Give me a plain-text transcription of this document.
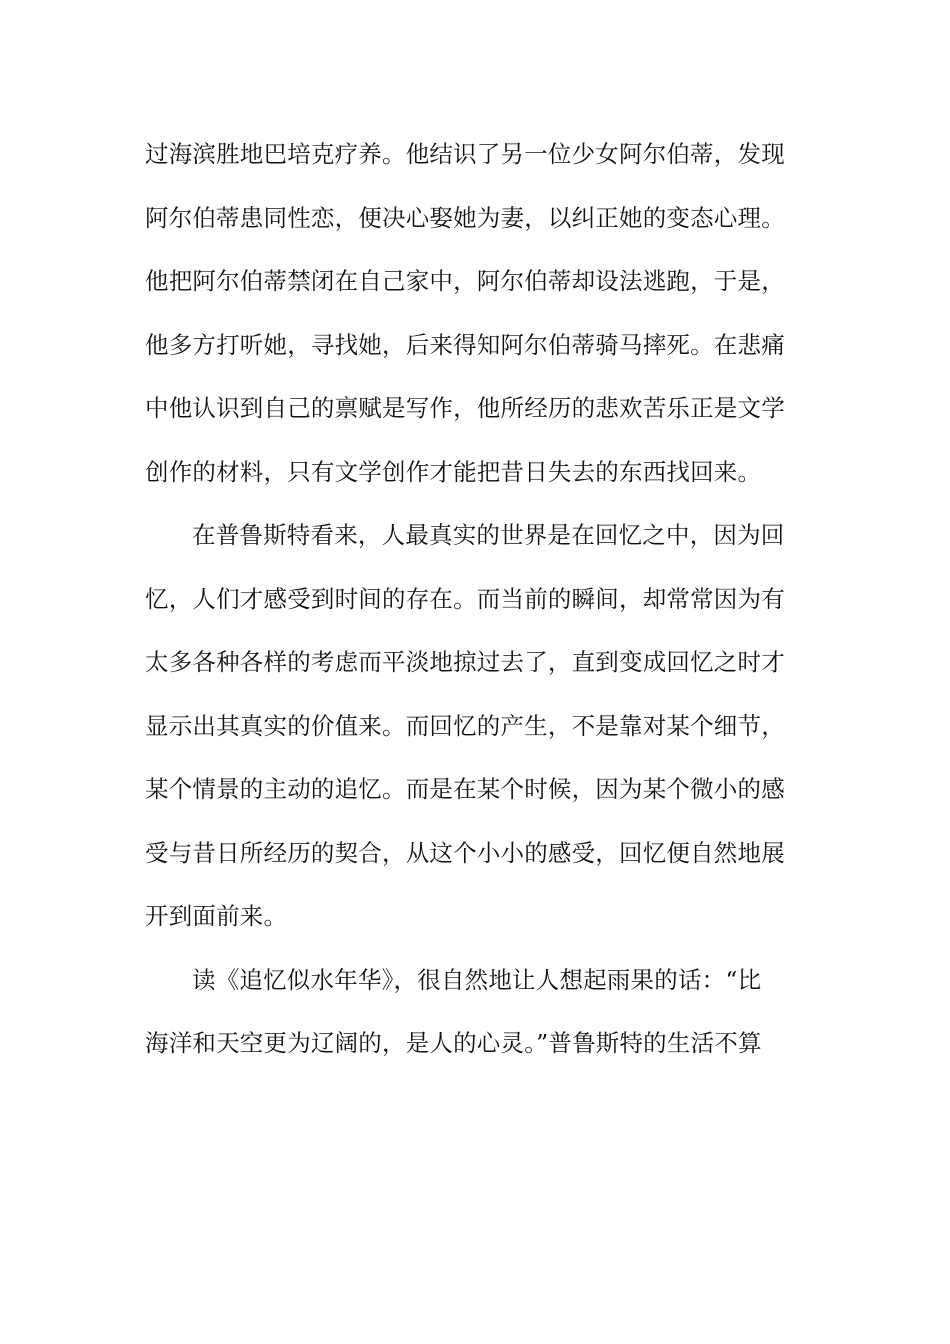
过海滨胜地巴培克疗养。他结识了另一位少女阿尔伯蒂，发现
阿尔伯蒂患同性恋，便决心娶她为妻，以纠正她的变态心理。
他把阿尔伯蒂禁闭在自己家中，阿尔伯蒂却设法逃跑，于是，
他多方打听她，寻找她，后来得知阿尔伯蒂骑马摔死。在悲痛
中他认识到自己的禀赋是写作，他所经历的悲欢苦乐正是文学
创作的材料，只有文学创作才能把昔日失去的东西找回来。
在普鲁斯特看来，人最真实的世界是在回忆之中，因为回
忆，人们才感受到时间的存在。而当前的瞬间，却常常因为有
太多各种各样的考虑而平淡地掠过去了，直到变成回忆之时才
显示出其真实的价值来。而回忆的产生，不是靠对某个细节，
某个情景的主动的追忆。而是在某个时候，因为某个微小的感
受与昔日所经历的契合，从这个小小的感受，回忆便自然地展
开到面前来。
读《追忆似水年华》，很自然地让人想起雨果的话：“比
海洋和天空更为辽阔的，是人的心灵。”普鲁斯特的生活不算
